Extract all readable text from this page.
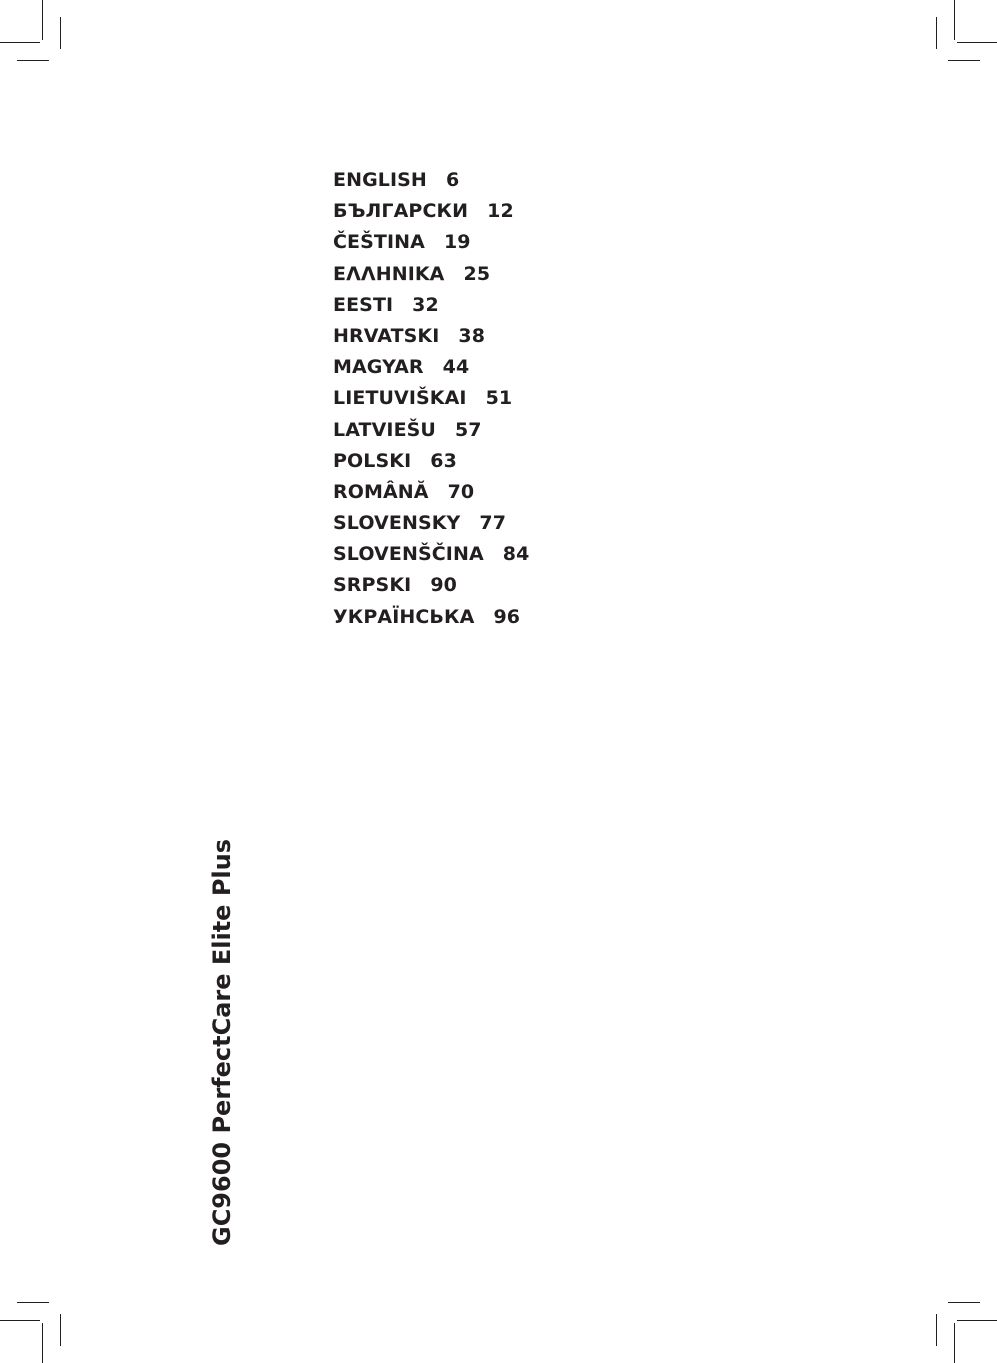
ENGLISH 6
БЪЛГАРСКИ 12
ČEŠTINA 19
ΕΛΛΗΝΙΚΑ 25
EESTI 32
HRVATSKI 38
MAGYAR 44
LIETUVIŠKAI 51
LATVIEŠU 57
POLSKI 63
ROMÂNĂ 70
SLOVENSKY 77
SLOVENŠČINA 84
SRPSKI 90
УКРАЇНСЬКА 96
GC9600 PerfectCare Elite Plus
